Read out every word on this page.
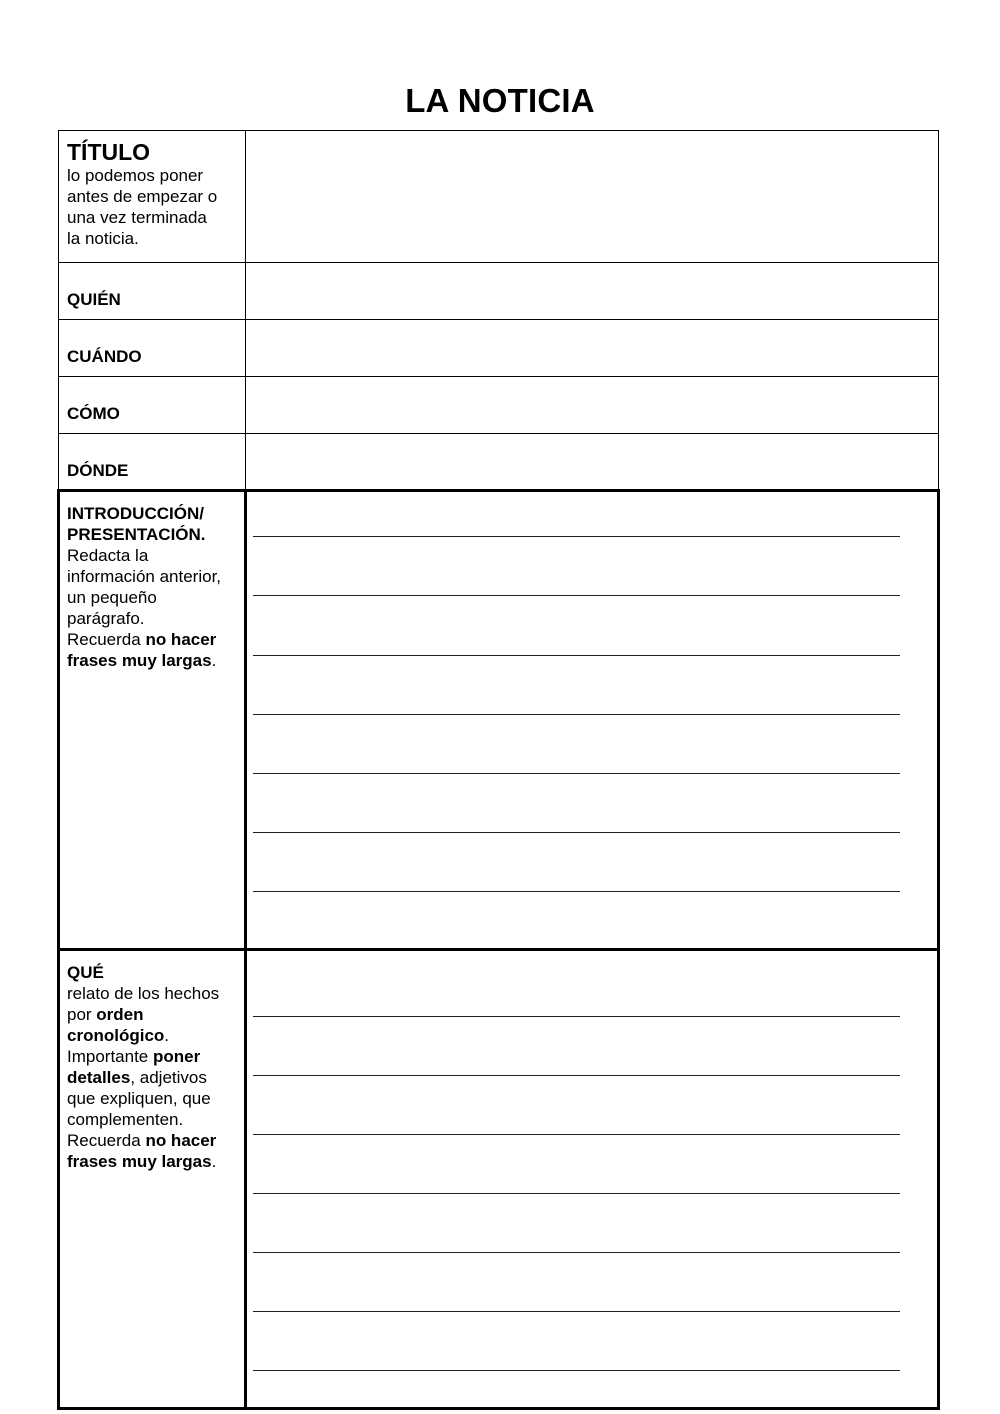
LA NOTICIA
TÍTULO
lo podemos poner
antes de empezar o
una vez terminada
la noticia.
QUIÉN
CUÁNDO
CÓMO
DÓNDE
INTRODUCCIÓN/
PRESENTACIÓN.
Redacta la
información anterior,
un pequeño
parágrafo.
Recuerda no hacer
frases muy largas.
QUÉ
relato de los hechos
por orden
cronológico.
Importante poner
detalles, adjetivos
que expliquen, que
complementen.
Recuerda no hacer
frases muy largas.
